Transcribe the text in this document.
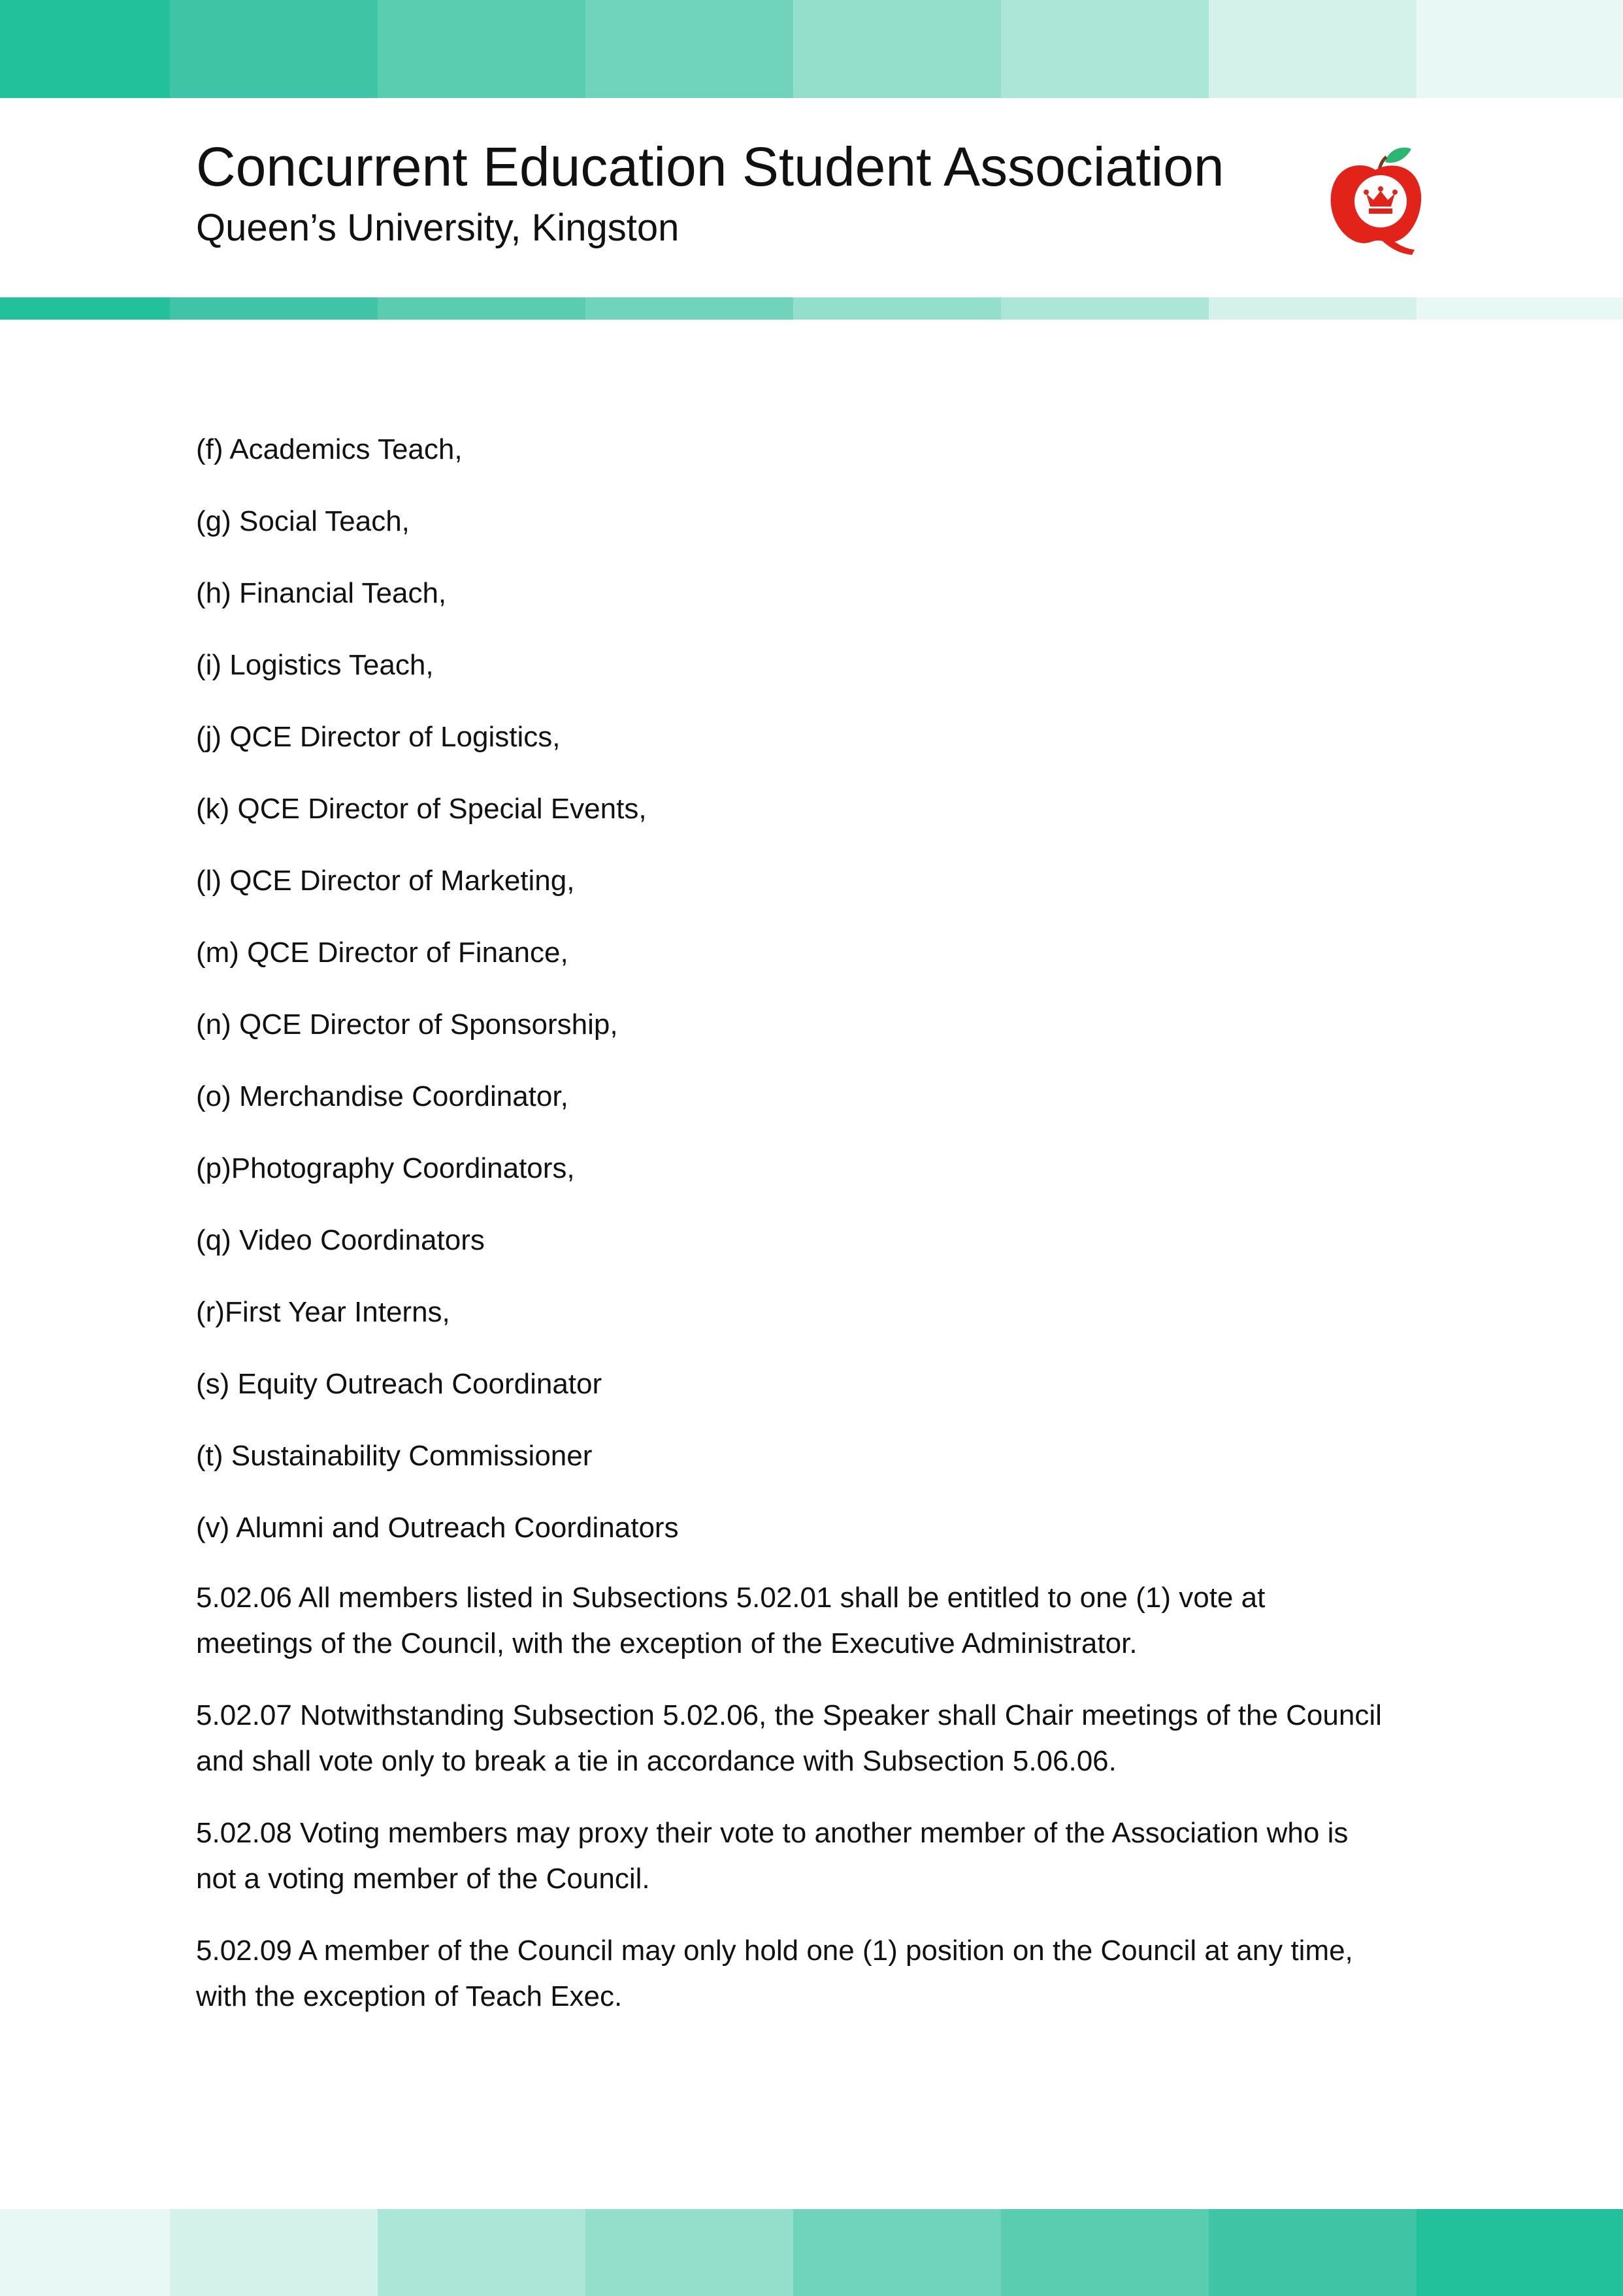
Concurrent Education Student Association
Queen’s University, Kingston
(f) Academics Teach,
(g) Social Teach,
(h) Financial Teach,
(i) Logistics Teach,
(j) QCE Director of Logistics,
(k) QCE Director of Special Events,
(l) QCE Director of Marketing,
(m) QCE Director of Finance,
(n) QCE Director of Sponsorship,
(o) Merchandise Coordinator,
(p)Photography Coordinators,
(q) Video Coordinators
(r)First Year Interns,
(s) Equity Outreach Coordinator
(t) Sustainability Commissioner
(v) Alumni and Outreach Coordinators
5.02.06 All members listed in Subsections 5.02.01 shall be entitled to one (1) vote at
meetings of the Council, with the exception of the Executive Administrator.
5.02.07 Notwithstanding Subsection 5.02.06, the Speaker shall Chair meetings of the Council
and shall vote only to break a tie in accordance with Subsection 5.06.06.
5.02.08 Voting members may proxy their vote to another member of the Association who is
not a voting member of the Council.
5.02.09 A member of the Council may only hold one (1) position on the Council at any time,
with the exception of Teach Exec.
